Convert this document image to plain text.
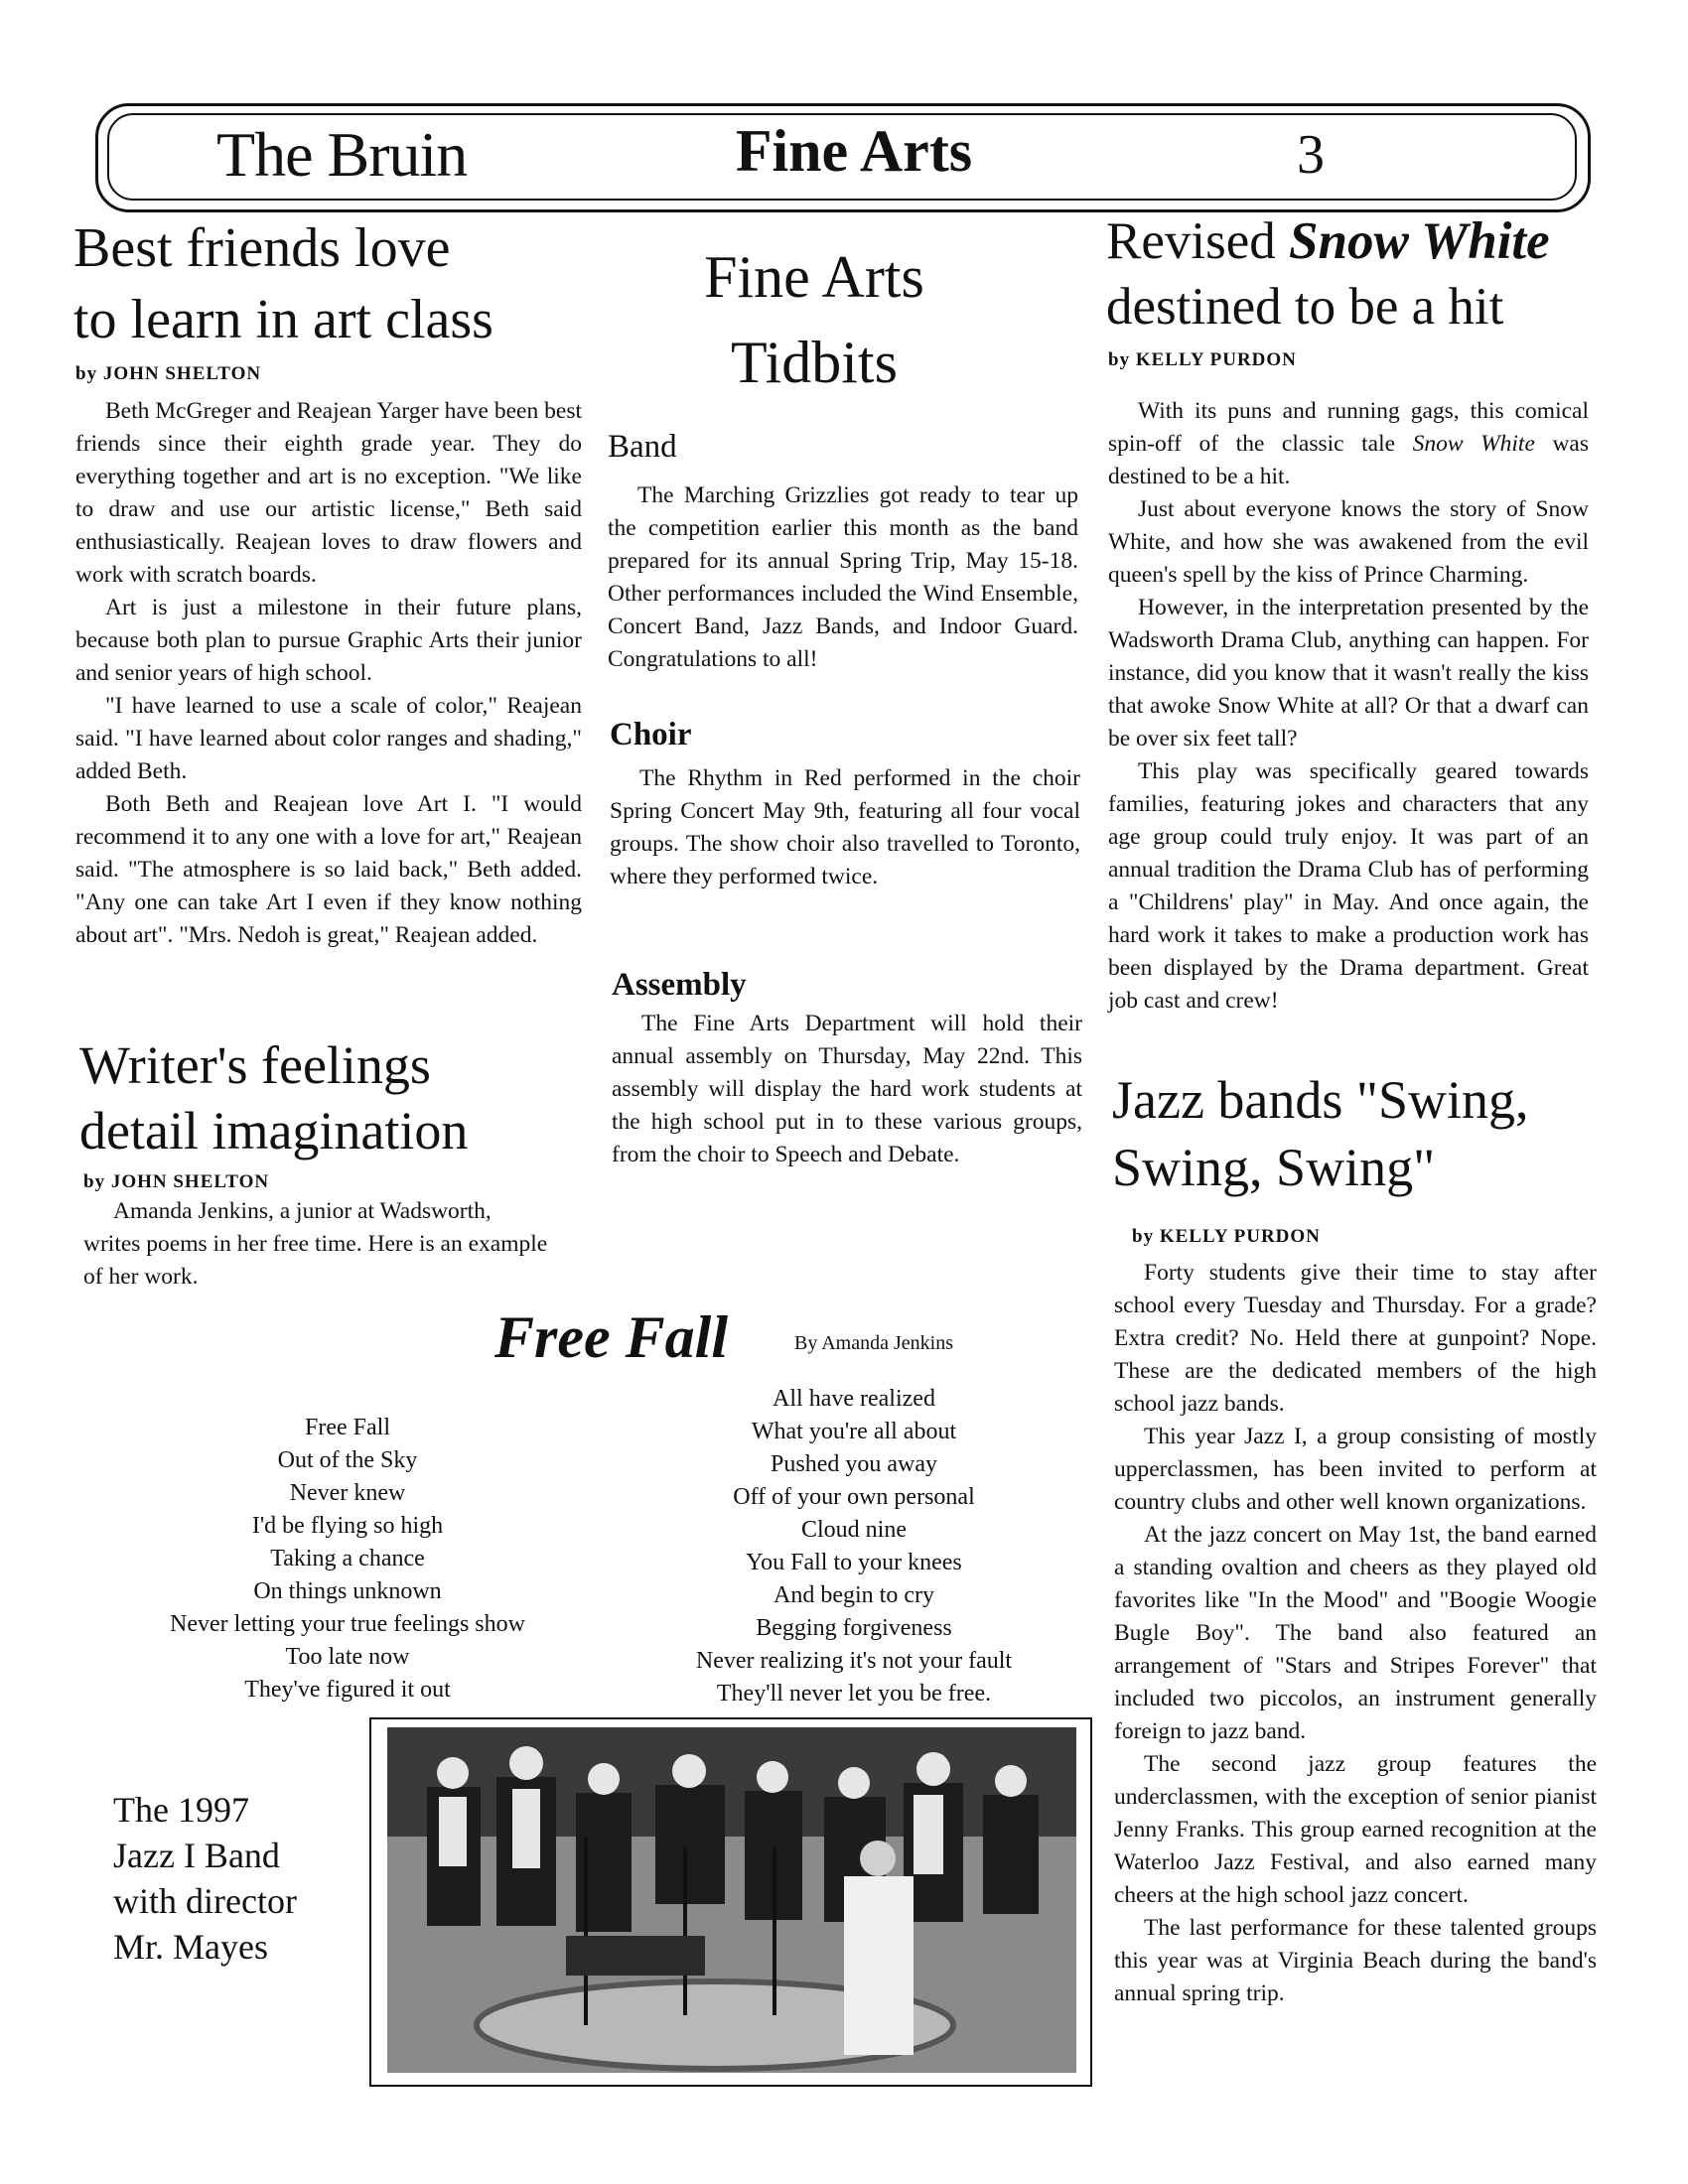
The Bruin	Fine Arts	3
Best friends love
to learn in art class
by JOHN SHELTON

Beth McGreger and Reajean Yarger have been best friends since their eighth grade year. They do everything together and art is no exception. "We like to draw and use our artistic license," Beth said enthusiastically. Reajean loves to draw flowers and work with scratch boards.

Art is just a milestone in their future plans, because both plan to pursue Graphic Arts their junior and senior years of high school.

"I have learned to use a scale of color," Reajean said. "I have learned about color ranges and shading," added Beth.

Both Beth and Reajean love Art I. "I would recommend it to any one with a love for art," Reajean said. "The atmosphere is so laid back," Beth added. "Any one can take Art I even if they know nothing about art". "Mrs. Nedoh is great," Reajean added.

Writer's feelings
detail imagination
by JOHN SHELTON

Amanda Jenkins, a junior at Wadsworth, writes poems in her free time. Here is an example of her work.

Fine Arts
Tidbits
Band

The Marching Grizzlies got ready to tear up the competition earlier this month as the band prepared for its annual Spring Trip, May 15-18. Other performances included the Wind Ensemble, Concert Band, Jazz Bands, and Indoor Guard. Congratulations to all!

Choir

The Rhythm in Red performed in the choir Spring Concert May 9th, featuring all four vocal groups. The show choir also travelled to Toronto, where they performed twice.

Assembly

The Fine Arts Department will hold their annual assembly on Thursday, May 22nd. This assembly will display the hard work students at the high school put in to these various groups, from the choir to Speech and Debate.

Revised Snow White
destined to be a hit
by KELLY PURDON

With its puns and running gags, this comical spin-off of the classic tale Snow White was destined to be a hit.

Just about everyone knows the story of Snow White, and how she was awakened from the evil queen's spell by the kiss of Prince Charming.

However, in the interpretation presented by the Wadsworth Drama Club, anything can happen. For instance, did you know that it wasn't really the kiss that awoke Snow White at all? Or that a dwarf can be over six feet tall?

This play was specifically geared towards families, featuring jokes and characters that any age group could truly enjoy. It was part of an annual tradition the Drama Club has of performing a "Childrens' play" in May. And once again, the hard work it takes to make a production work has been displayed by the Drama department. Great job cast and crew!

Jazz bands "Swing,
Swing, Swing"
by KELLY PURDON

Forty students give their time to stay after school every Tuesday and Thursday. For a grade? Extra credit? No. Held there at gunpoint? Nope. These are the dedicated members of the high school jazz bands.

This year Jazz I, a group consisting of mostly upperclassmen, has been invited to perform at country clubs and other well known organizations.

At the jazz concert on May 1st, the band earned a standing ovaltion and cheers as they played old favorites like "In the Mood" and "Boogie Woogie Bugle Boy". The band also featured an arrangement of "Stars and Stripes Forever" that included two piccolos, an instrument generally foreign to jazz band.

The second jazz group features the underclassmen, with the exception of senior pianist Jenny Franks. This group earned recognition at the Waterloo Jazz Festival, and also earned many cheers at the high school jazz concert.

The last performance for these talented groups this year was at Virginia Beach during the band's annual spring trip.

Free Fall	By Amanda Jenkins
Free Fall
Out of the Sky
Never knew
I'd be flying so high
Taking a chance
On things unknown
Never letting your true feelings show
Too late now
They've figured it out
All have realized
What you're all about
Pushed you away
Off of your own personal
Cloud nine
You Fall to your knees
And begin to cry
Begging forgiveness
Never realizing it's not your fault
They'll never let you be free.
The 1997
Jazz I Band
with director
Mr. Mayes
